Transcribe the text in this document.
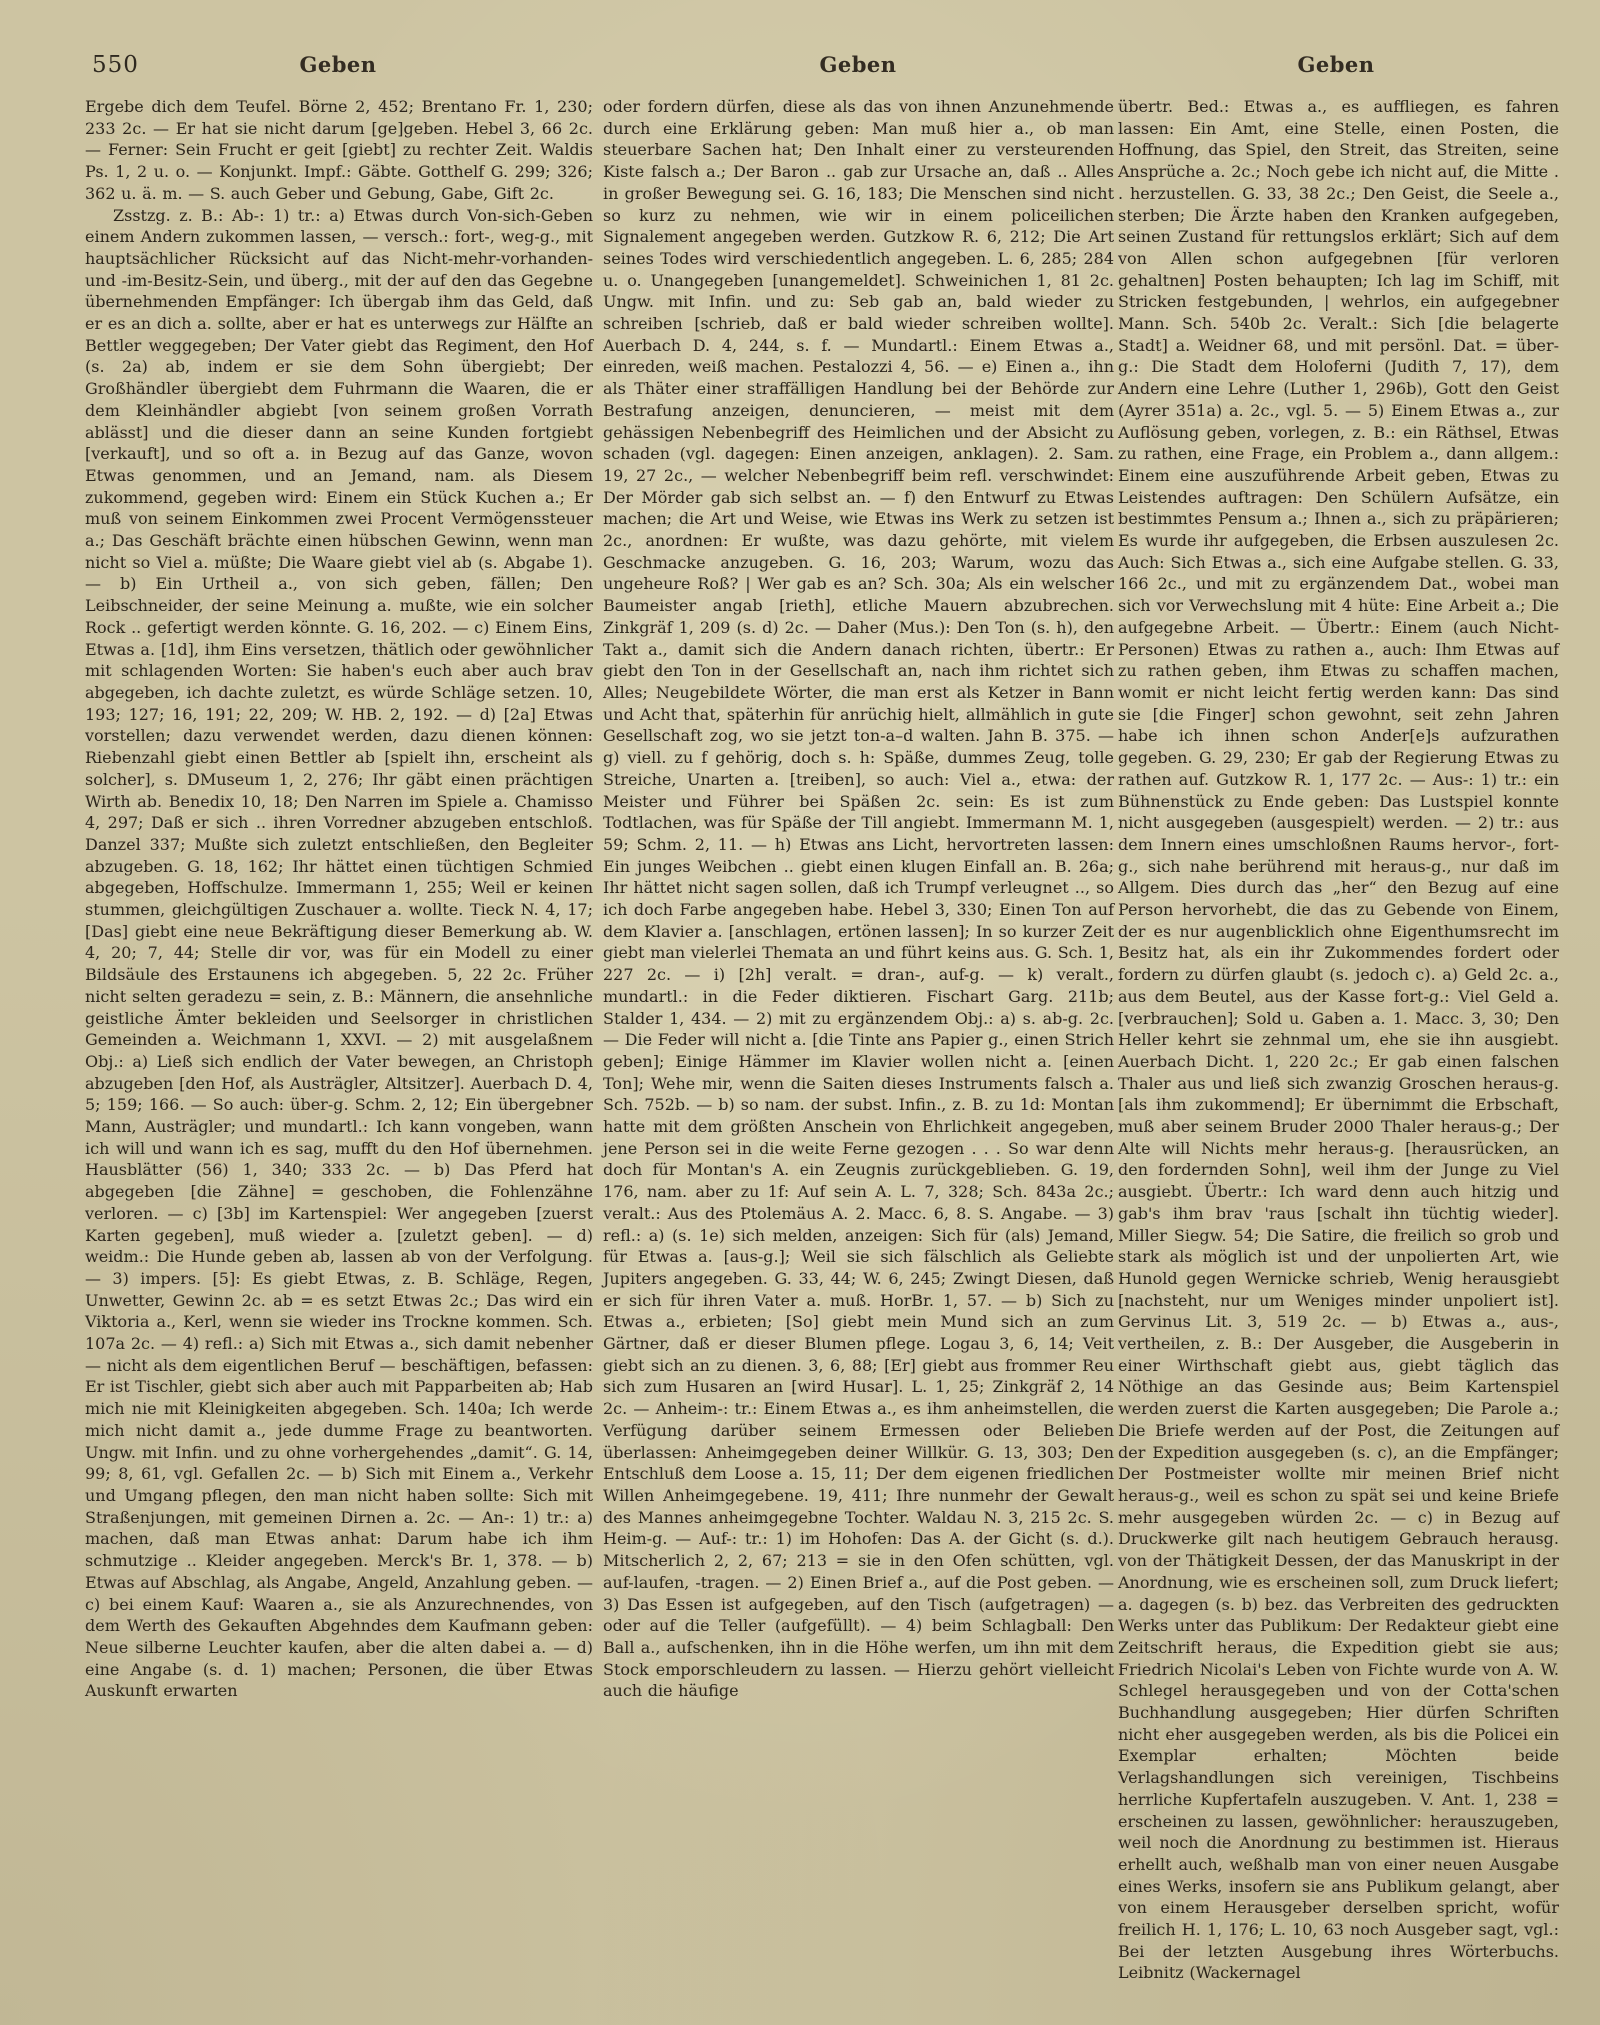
550	Geben	Geben	Geben

Ergebe dich dem Teufel. Börne 2, 452; Brentano Fr. 1, 230; 233 2c. — Er hat sie nicht darum [ge]geben. Hebel 3, 66 2c. — Ferner: Sein Frucht er geit [giebt] zu rechter Zeit. Waldis Ps. 1, 2 u. o. — Konjunkt. Impf.: Gäbte. Gotthelf G. 299; 326; 362 u. ä. m. — S. auch Geber und Gebung, Gabe, Gift 2c.

Zsstzg. z. B.: Ab-: 1) tr.: a) Etwas durch Von-sich-Geben einem Andern zukommen lassen, — versch.: fort-, weg-g., mit hauptsächlicher Rücksicht auf das Nicht-mehr-vorhanden- und -im-Besitz-Sein, und überg., mit der auf den das Gegebne übernehmenden Empfänger: Ich übergab ihm das Geld, daß er es an dich a. sollte, aber er hat es unterwegs zur Hälfte an Bettler weggegeben; Der Vater giebt das Regiment, den Hof (s. 2a) ab, indem er sie dem Sohn übergiebt; Der Großhändler übergiebt dem Fuhrmann die Waaren, die er dem Kleinhändler abgiebt [von seinem großen Vorrath ablässt] und die dieser dann an seine Kunden fortgiebt [verkauft], und so oft a. in Bezug auf das Ganze, wovon Etwas genommen, und an Jemand, nam. als Diesem zukommend, gegeben wird: Einem ein Stück Kuchen a.; Er muß von seinem Einkommen zwei Procent Vermögenssteuer a.; Das Geschäft brächte einen hübschen Gewinn, wenn man nicht so Viel a. müßte; Die Waare giebt viel ab (s. Abgabe 1). — b) Ein Urtheil a., von sich geben, fällen; Den Leibschneider, der seine Meinung a. mußte, wie ein solcher Rock .. gefertigt werden könnte. G. 16, 202. — c) Einem Eins, Etwas a. [1d], ihm Eins versetzen, thätlich oder gewöhnlicher mit schlagenden Worten: Sie haben's euch aber auch brav abgegeben, ich dachte zuletzt, es würde Schläge setzen. 10, 193; 127; 16, 191; 22, 209; W. HB. 2, 192. — d) [2a] Etwas vorstellen; dazu verwendet werden, dazu dienen können: Riebenzahl giebt einen Bettler ab [spielt ihn, erscheint als solcher], s. DMuseum 1, 2, 276; Ihr gäbt einen prächtigen Wirth ab. Benedix 10, 18; Den Narren im Spiele a. Chamisso 4, 297; Daß er sich .. ihren Vorredner abzugeben entschloß. Danzel 337; Mußte sich zuletzt entschließen, den Begleiter abzugeben. G. 18, 162; Ihr hättet einen tüchtigen Schmied abgegeben, Hoffschulze. Immermann 1, 255; Weil er keinen stummen, gleichgültigen Zuschauer a. wollte. Tieck N. 4, 17; [Das] giebt eine neue Bekräftigung dieser Bemerkung ab. W. 4, 20; 7, 44; Stelle dir vor, was für ein Modell zu einer Bildsäule des Erstaunens ich abgegeben. 5, 22 2c. Früher nicht selten geradezu = sein, z. B.: Männern, die ansehnliche geistliche Ämter bekleiden und Seelsorger in christlichen Gemeinden a. Weichmann 1, XXVI. — 2) mit ausgelaßnem Obj.: a) Ließ sich endlich der Vater bewegen, an Christoph abzugeben [den Hof, als Austrägler, Altsitzer]. Auerbach D. 4, 5; 159; 166. — So auch: über-g. Schm. 2, 12; Ein übergebner Mann, Austrägler; und mundartl.: Ich kann vongeben, wann ich will und wann ich es sag, mufft du den Hof übernehmen. Hausblätter (56) 1, 340; 333 2c. — b) Das Pferd hat abgegeben [die Zähne] = geschoben, die Fohlenzähne verloren. — c) [3b] im Kartenspiel: Wer angegeben [zuerst Karten gegeben], muß wieder a. [zuletzt geben]. — d) weidm.: Die Hunde geben ab, lassen ab von der Verfolgung. — 3) impers. [5]: Es giebt Etwas, z. B. Schläge, Regen, Unwetter, Gewinn 2c. ab = es setzt Etwas 2c.; Das wird ein Viktoria a., Kerl, wenn sie wieder ins Trockne kommen. Sch. 107a 2c. — 4) refl.: a) Sich mit Etwas a., sich damit nebenher — nicht als dem eigentlichen Beruf — beschäftigen, befassen: Er ist Tischler, giebt sich aber auch mit Papparbeiten ab; Hab mich nie mit Kleinigkeiten abgegeben. Sch. 140a; Ich werde mich nicht damit a., jede dumme Frage zu beantworten. Ungw. mit Infin. und zu ohne vorhergehendes „damit“. G. 14, 99; 8, 61, vgl. Gefallen 2c. — b) Sich mit Einem a., Verkehr und Umgang pflegen, den man nicht haben sollte: Sich mit Straßenjungen, mit gemeinen Dirnen a. 2c. — An-: 1) tr.: a) machen, daß man Etwas anhat: Darum habe ich ihm schmutzige .. Kleider angegeben. Merck's Br. 1, 378. — b) Etwas auf Abschlag, als Angabe, Angeld, Anzahlung geben. — c) bei einem Kauf: Waaren a., sie als Anzurechnendes, von dem Werth des Gekauften Abgehndes dem Kaufmann geben: Neue silberne Leuchter kaufen, aber die alten dabei a. — d) eine Angabe (s. d. 1) machen; Personen, die über Etwas Auskunft erwarten

oder fordern dürfen, diese als das von ihnen Anzunehmende durch eine Erklärung geben: Man muß hier a., ob man steuerbare Sachen hat; Den Inhalt einer zu versteurenden Kiste falsch a.; Der Baron .. gab zur Ursache an, daß .. Alles in großer Bewegung sei. G. 16, 183; Die Menschen sind nicht so kurz zu nehmen, wie wir in einem policeilichen Signalement angegeben werden. Gutzkow R. 6, 212; Die Art seines Todes wird verschiedentlich angegeben. L. 6, 285; 284 u. o. Unangegeben [unangemeldet]. Schweinichen 1, 81 2c. Ungw. mit Infin. und zu: Seb gab an, bald wieder zu schreiben [schrieb, daß er bald wieder schreiben wollte]. Auerbach D. 4, 244, s. f. — Mundartl.: Einem Etwas a., einreden, weiß machen. Pestalozzi 4, 56. — e) Einen a., ihn als Thäter einer straffälligen Handlung bei der Behörde zur Bestrafung anzeigen, denuncieren, — meist mit dem gehässigen Nebenbegriff des Heimlichen und der Absicht zu schaden (vgl. dagegen: Einen anzeigen, anklagen). 2. Sam. 19, 27 2c., — welcher Nebenbegriff beim refl. verschwindet: Der Mörder gab sich selbst an. — f) den Entwurf zu Etwas machen; die Art und Weise, wie Etwas ins Werk zu setzen ist 2c., anordnen: Er wußte, was dazu gehörte, mit vielem Geschmacke anzugeben. G. 16, 203; Warum, wozu das ungeheure Roß? | Wer gab es an? Sch. 30a; Als ein welscher Baumeister angab [rieth], etliche Mauern abzubrechen. Zinkgräf 1, 209 (s. d) 2c. — Daher (Mus.): Den Ton (s. h), den Takt a., damit sich die Andern danach richten, übertr.: Er giebt den Ton in der Gesellschaft an, nach ihm richtet sich Alles; Neugebildete Wörter, die man erst als Ketzer in Bann und Acht that, späterhin für anrüchig hielt, allmählich in gute Gesellschaft zog, wo sie jetzt ton-a–d walten. Jahn B. 375. — g) viell. zu f gehörig, doch s. h: Späße, dummes Zeug, tolle Streiche, Unarten a. [treiben], so auch: Viel a., etwa: der Meister und Führer bei Späßen 2c. sein: Es ist zum Todtlachen, was für Späße der Till angiebt. Immermann M. 1, 59; Schm. 2, 11. — h) Etwas ans Licht, hervortreten lassen: Ein junges Weibchen .. giebt einen klugen Einfall an. B. 26a; Ihr hättet nicht sagen sollen, daß ich Trumpf verleugnet .., so ich doch Farbe angegeben habe. Hebel 3, 330; Einen Ton auf dem Klavier a. [anschlagen, ertönen lassen]; In so kurzer Zeit giebt man vielerlei Themata an und führt keins aus. G. Sch. 1, 227 2c. — i) [2h] veralt. = dran-, auf-g. — k) veralt., mundartl.: in die Feder diktieren. Fischart Garg. 211b; Stalder 1, 434. — 2) mit zu ergänzendem Obj.: a) s. ab-g. 2c. — Die Feder will nicht a. [die Tinte ans Papier g., einen Strich geben]; Einige Hämmer im Klavier wollen nicht a. [einen Ton]; Wehe mir, wenn die Saiten dieses Instruments falsch a. Sch. 752b. — b) so nam. der subst. Infin., z. B. zu 1d: Montan hatte mit dem größten Anschein von Ehrlichkeit angegeben, jene Person sei in die weite Ferne gezogen . . . So war denn doch für Montan's A. ein Zeugnis zurückgeblieben. G. 19, 176, nam. aber zu 1f: Auf sein A. L. 7, 328; Sch. 843a 2c.; veralt.: Aus des Ptolemäus A. 2. Macc. 6, 8. S. Angabe. — 3) refl.: a) (s. 1e) sich melden, anzeigen: Sich für (als) Jemand, für Etwas a. [aus-g.]; Weil sie sich fälschlich als Geliebte Jupiters angegeben. G. 33, 44; W. 6, 245; Zwingt Diesen, daß er sich für ihren Vater a. muß. HorBr. 1, 57. — b) Sich zu Etwas a., erbieten; [So] giebt mein Mund sich an zum Gärtner, daß er dieser Blumen pflege. Logau 3, 6, 14; Veit giebt sich an zu dienen. 3, 6, 88; [Er] giebt aus frommer Reu sich zum Husaren an [wird Husar]. L. 1, 25; Zinkgräf 2, 14 2c. — Anheim-: tr.: Einem Etwas a., es ihm anheimstellen, die Verfügung darüber seinem Ermessen oder Belieben überlassen: Anheimgegeben deiner Willkür. G. 13, 303; Den Entschluß dem Loose a. 15, 11; Der dem eigenen friedlichen Willen Anheimgegebene. 19, 411; Ihre nunmehr der Gewalt des Mannes anheimgegebne Tochter. Waldau N. 3, 215 2c. S. Heim-g. — Auf-: tr.: 1) im Hohofen: Das A. der Gicht (s. d.). Mitscherlich 2, 2, 67; 213 = sie in den Ofen schütten, vgl. auf-laufen, -tragen. — 2) Einen Brief a., auf die Post geben. — 3) Das Essen ist aufgegeben, auf den Tisch (aufgetragen) — oder auf die Teller (aufgefüllt). — 4) beim Schlagball: Den Ball a., aufschenken, ihn in die Höhe werfen, um ihn mit dem Stock emporschleudern zu lassen. — Hierzu gehört vielleicht auch die häufige

übertr. Bed.: Etwas a., es auffliegen, es fahren lassen: Ein Amt, eine Stelle, einen Posten, die Hoffnung, das Spiel, den Streit, das Streiten, seine Ansprüche a. 2c.; Noch gebe ich nicht auf, die Mitte . . herzustellen. G. 33, 38 2c.; Den Geist, die Seele a., sterben; Die Ärzte haben den Kranken aufgegeben, seinen Zustand für rettungslos erklärt; Sich auf dem von Allen schon aufgegebnen [für verloren gehaltnen] Posten behaupten; Ich lag im Schiff, mit Stricken festgebunden, | wehrlos, ein aufgegebner Mann. Sch. 540b 2c. Veralt.: Sich [die belagerte Stadt] a. Weidner 68, und mit persönl. Dat. = über-g.: Die Stadt dem Holoferni (Judith 7, 17), dem Andern eine Lehre (Luther 1, 296b), Gott den Geist (Ayrer 351a) a. 2c., vgl. 5. — 5) Einem Etwas a., zur Auflösung geben, vorlegen, z. B.: ein Räthsel, Etwas zu rathen, eine Frage, ein Problem a., dann allgem.: Einem eine auszuführende Arbeit geben, Etwas zu Leistendes auftragen: Den Schülern Aufsätze, ein bestimmtes Pensum a.; Ihnen a., sich zu präpärieren; Es wurde ihr aufgegeben, die Erbsen auszulesen 2c. Auch: Sich Etwas a., sich eine Aufgabe stellen. G. 33, 166 2c., und mit zu ergänzendem Dat., wobei man sich vor Verwechslung mit 4 hüte: Eine Arbeit a.; Die aufgegebne Arbeit. — Übertr.: Einem (auch Nicht-Personen) Etwas zu rathen a., auch: Ihm Etwas auf zu rathen geben, ihm Etwas zu schaffen machen, womit er nicht leicht fertig werden kann: Das sind sie [die Finger] schon gewohnt, seit zehn Jahren habe ich ihnen schon Ander[e]s aufzurathen gegeben. G. 29, 230; Er gab der Regierung Etwas zu rathen auf. Gutzkow R. 1, 177 2c. — Aus-: 1) tr.: ein Bühnenstück zu Ende geben: Das Lustspiel konnte nicht ausgegeben (ausgespielt) werden. — 2) tr.: aus dem Innern eines umschloßnen Raums hervor-, fort-g., sich nahe berührend mit heraus-g., nur daß im Allgem. Dies durch das „her“ den Bezug auf eine Person hervorhebt, die das zu Gebende von Einem, der es nur augenblicklich ohne Eigenthumsrecht im Besitz hat, als ein ihr Zukommendes fordert oder fordern zu dürfen glaubt (s. jedoch c). a) Geld 2c. a., aus dem Beutel, aus der Kasse fort-g.: Viel Geld a. [verbrauchen]; Sold u. Gaben a. 1. Macc. 3, 30; Den Heller kehrt sie zehnmal um, ehe sie ihn ausgiebt. Auerbach Dicht. 1, 220 2c.; Er gab einen falschen Thaler aus und ließ sich zwanzig Groschen heraus-g. [als ihm zukommend]; Er übernimmt die Erbschaft, muß aber seinem Bruder 2000 Thaler heraus-g.; Der Alte will Nichts mehr heraus-g. [herausrücken, an den fordernden Sohn], weil ihm der Junge zu Viel ausgiebt. Übertr.: Ich ward denn auch hitzig und gab's ihm brav 'raus [schalt ihn tüchtig wieder]. Miller Siegw. 54; Die Satire, die freilich so grob und stark als möglich ist und der unpolierten Art, wie Hunold gegen Wernicke schrieb, Wenig herausgiebt [nachsteht, nur um Weniges minder unpoliert ist]. Gervinus Lit. 3, 519 2c. — b) Etwas a., aus-, vertheilen, z. B.: Der Ausgeber, die Ausgeberin in einer Wirthschaft giebt aus, giebt täglich das Nöthige an das Gesinde aus; Beim Kartenspiel werden zuerst die Karten ausgegeben; Die Parole a.; Die Briefe werden auf der Post, die Zeitungen auf der Expedition ausgegeben (s. c), an die Empfänger; Der Postmeister wollte mir meinen Brief nicht heraus-g., weil es schon zu spät sei und keine Briefe mehr ausgegeben würden 2c. — c) in Bezug auf Druckwerke gilt nach heutigem Gebrauch herausg. von der Thätigkeit Dessen, der das Manuskript in der Anordnung, wie es erscheinen soll, zum Druck liefert; a. dagegen (s. b) bez. das Verbreiten des gedruckten Werks unter das Publikum: Der Redakteur giebt eine Zeitschrift heraus, die Expedition giebt sie aus; Friedrich Nicolai's Leben von Fichte wurde von A. W. Schlegel herausgegeben und von der Cotta'schen Buchhandlung ausgegeben; Hier dürfen Schriften nicht eher ausgegeben werden, als bis die Policei ein Exemplar erhalten; Möchten beide Verlagshandlungen sich vereinigen, Tischbeins herrliche Kupfertafeln auszugeben. V. Ant. 1, 238 = erscheinen zu lassen, gewöhnlicher: herauszugeben, weil noch die Anordnung zu bestimmen ist. Hieraus erhellt auch, weßhalb man von einer neuen Ausgabe eines Werks, insofern sie ans Publikum gelangt, aber von einem Herausgeber derselben spricht, wofür freilich H. 1, 176; L. 10, 63 noch Ausgeber sagt, vgl.: Bei der letzten Ausgebung ihres Wörterbuchs. Leibnitz (Wackernagel
